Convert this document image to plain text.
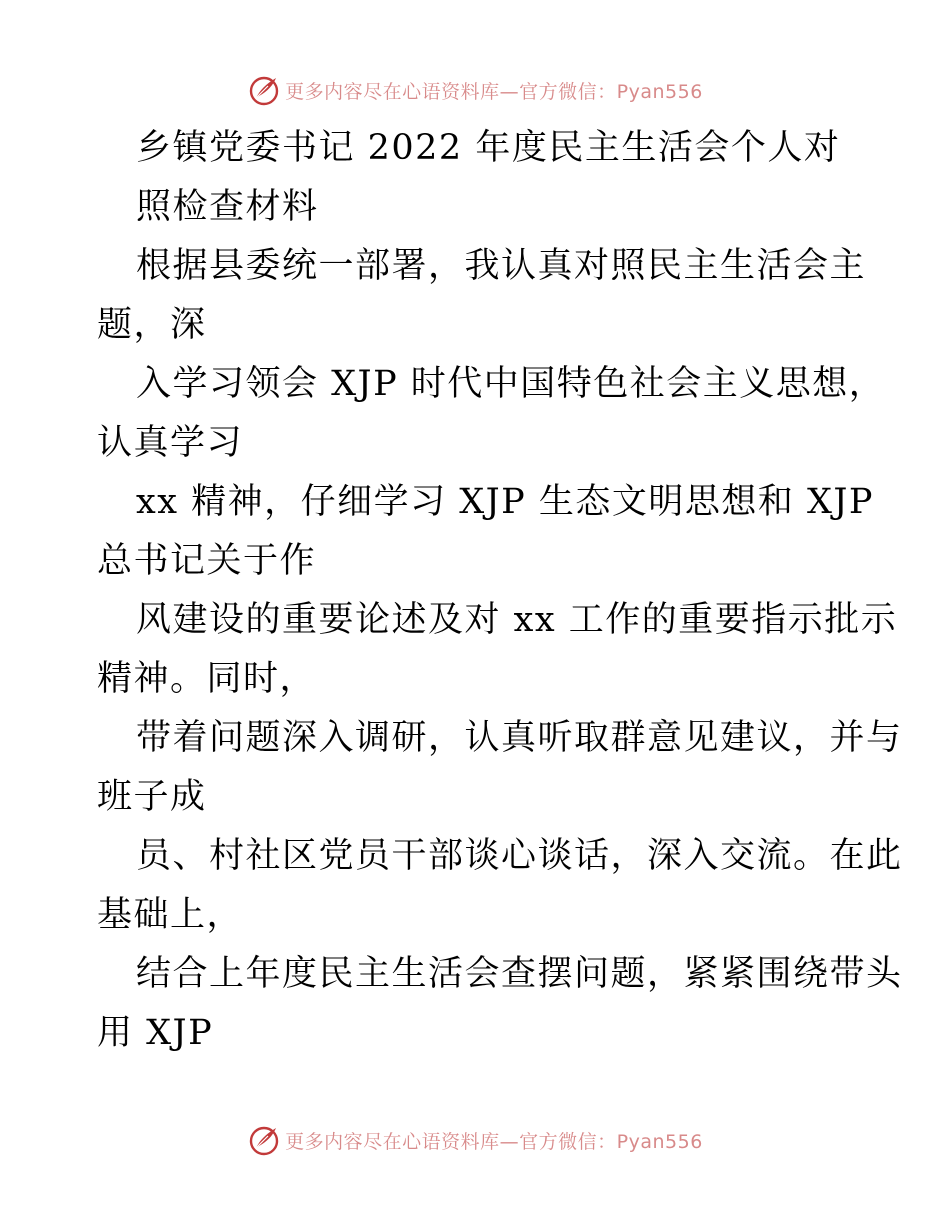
更多内容尽在心语资料库—官方微信：Pyan556
乡镇党委书记 2022 年度民主生活会个人对
照检查材料
根据县委统一部署，我认真对照民主生活会主
题，深
入学习领会 XJP 时代中国特色社会主义思想，
认真学习
xx 精神，仔细学习 XJP 生态文明思想和 XJP
总书记关于作
风建设的重要论述及对 xx 工作的重要指示批示
精神。同时，
带着问题深入调研，认真听取群意见建议，并与
班子成
员、村社区党员干部谈心谈话，深入交流。在此
基础上，
结合上年度民主生活会查摆问题，紧紧围绕带头
用 XJP
更多内容尽在心语资料库—官方微信：Pyan556
